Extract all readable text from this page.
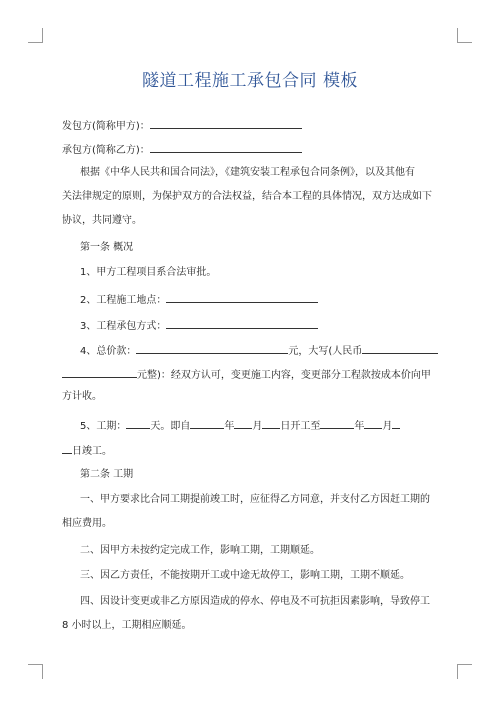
隧道工程施工承包合同 模板
发包方(简称甲方)：
承包方(简称乙方)：
根据《中华人民共和国合同法》，《建筑安装工程承包合同条例》，以及其他有
关法律规定的原则，为保护双方的合法权益，结合本工程的具体情况，双方达成如下
协议，共同遵守。
第一条 概况
1、甲方工程项目系合法审批。
2、工程施工地点：
3、工程承包方式：
4、总价款：	元，大写(人民币
元整)：经双方认可，变更施工内容，变更部分工程款按成本价向甲
方计收。
5、工期： 天。即自	年 月 日开工至	年 月
日竣工。
第二条 工期
一、甲方要求比合同工期提前竣工时，应征得乙方同意，并支付乙方因赶工期的
相应费用。
二、因甲方未按约定完成工作，影响工期，工期顺延。
三、因乙方责任，不能按期开工或中途无故停工，影响工期，工期不顺延。
四、因设计变更或非乙方原因造成的停水、停电及不可抗拒因素影响，导致停工
8 小时以上，工期相应顺延。
